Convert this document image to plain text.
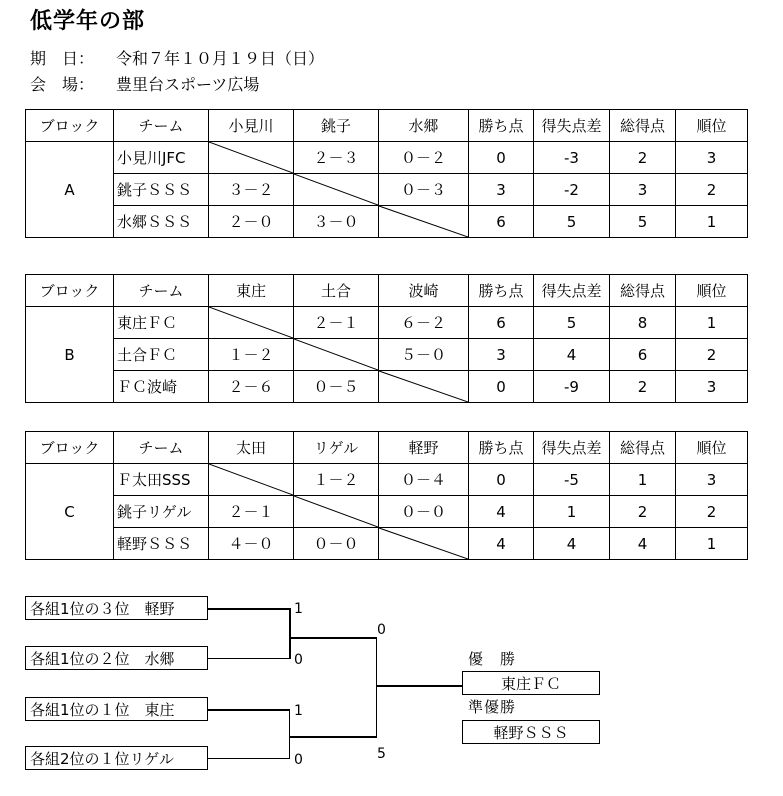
低学年の部
期　日： 令和７年１０月１９日（日）
会　場： 豊里台スポーツ広場
ブロック	チーム	小見川	銚子	水郷	勝ち点	得失点差	総得点	順位
A	小見川JFC		２－３	０－２	0	-3	2	3
	銚子ＳＳＳ	３－２		０－３	3	-2	3	2
	水郷ＳＳＳ	２－０	３－０		6	5	5	1
ブロック	チーム	東庄	土合	波崎	勝ち点	得失点差	総得点	順位
B	東庄ＦＣ		２－１	６－２	6	5	8	1
	土合ＦＣ	１－２		５－０	3	4	6	2
	ＦＣ波崎	２－６	０－５		0	-9	2	3
ブロック	チーム	太田	リゲル	軽野	勝ち点	得失点差	総得点	順位
C	Ｆ太田SSS		１－２	０－４	0	-5	1	3
	銚子リゲル	２－１		０－０	4	1	2	2
	軽野ＳＳＳ	４－０	０－０		4	4	4	1
各組1位の３位　軽野
各組1位の２位　水郷
各組1位の１位　東庄
各組2位の１位リゲル
1
0
1
0
0
5
優　勝
東庄ＦＣ
準優勝
軽野ＳＳＳ
